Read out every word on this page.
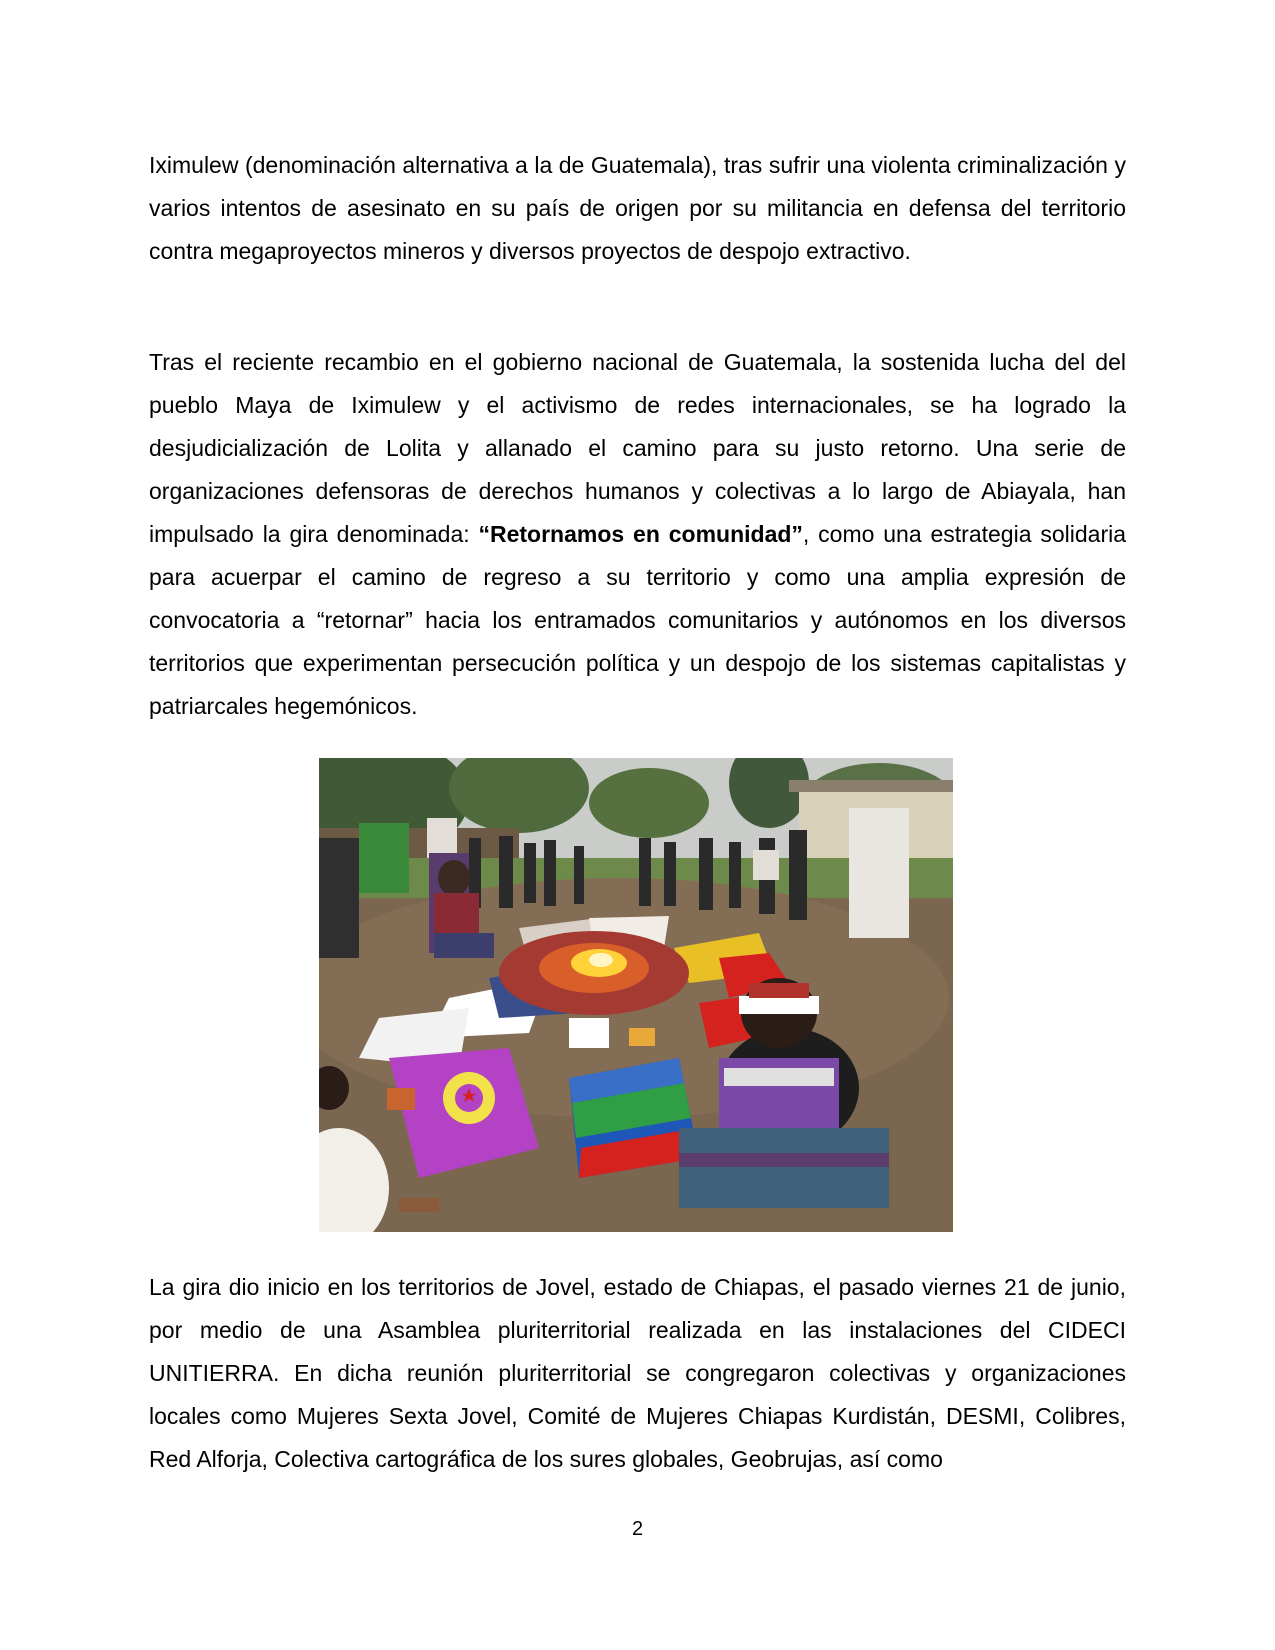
Iximulew (denominación alternativa a la de Guatemala), tras sufrir una violenta criminalización y varios intentos de asesinato en su país de origen por su militancia en defensa del territorio contra megaproyectos mineros y diversos proyectos de despojo extractivo.

Tras el reciente recambio en el gobierno nacional de Guatemala, la sostenida lucha del del pueblo Maya de Iximulew y el activismo de redes internacionales, se ha logrado la desjudicialización de Lolita y allanado el camino para su justo retorno. Una serie de organizaciones defensoras de derechos humanos y colectivas a lo largo de Abiayala, han impulsado la gira denominada: “Retornamos en comunidad”, como una estrategia solidaria para acuerpar el camino de regreso a su territorio y como una amplia expresión de convocatoria a “retornar” hacia los entramados comunitarios y autónomos en los diversos territorios que experimentan persecución política y un despojo de los sistemas capitalistas y patriarcales hegemónicos.

La gira dio inicio en los territorios de Jovel, estado de Chiapas, el pasado viernes 21 de junio, por medio de una Asamblea pluriterritorial realizada en las instalaciones del CIDECI UNITIERRA. En dicha reunión pluriterritorial se congregaron colectivas y organizaciones locales como Mujeres Sexta Jovel, Comité de Mujeres Chiapas Kurdistán, DESMI, Colibres, Red Alforja, Colectiva cartográfica de los sures globales, Geobrujas, así como

2
